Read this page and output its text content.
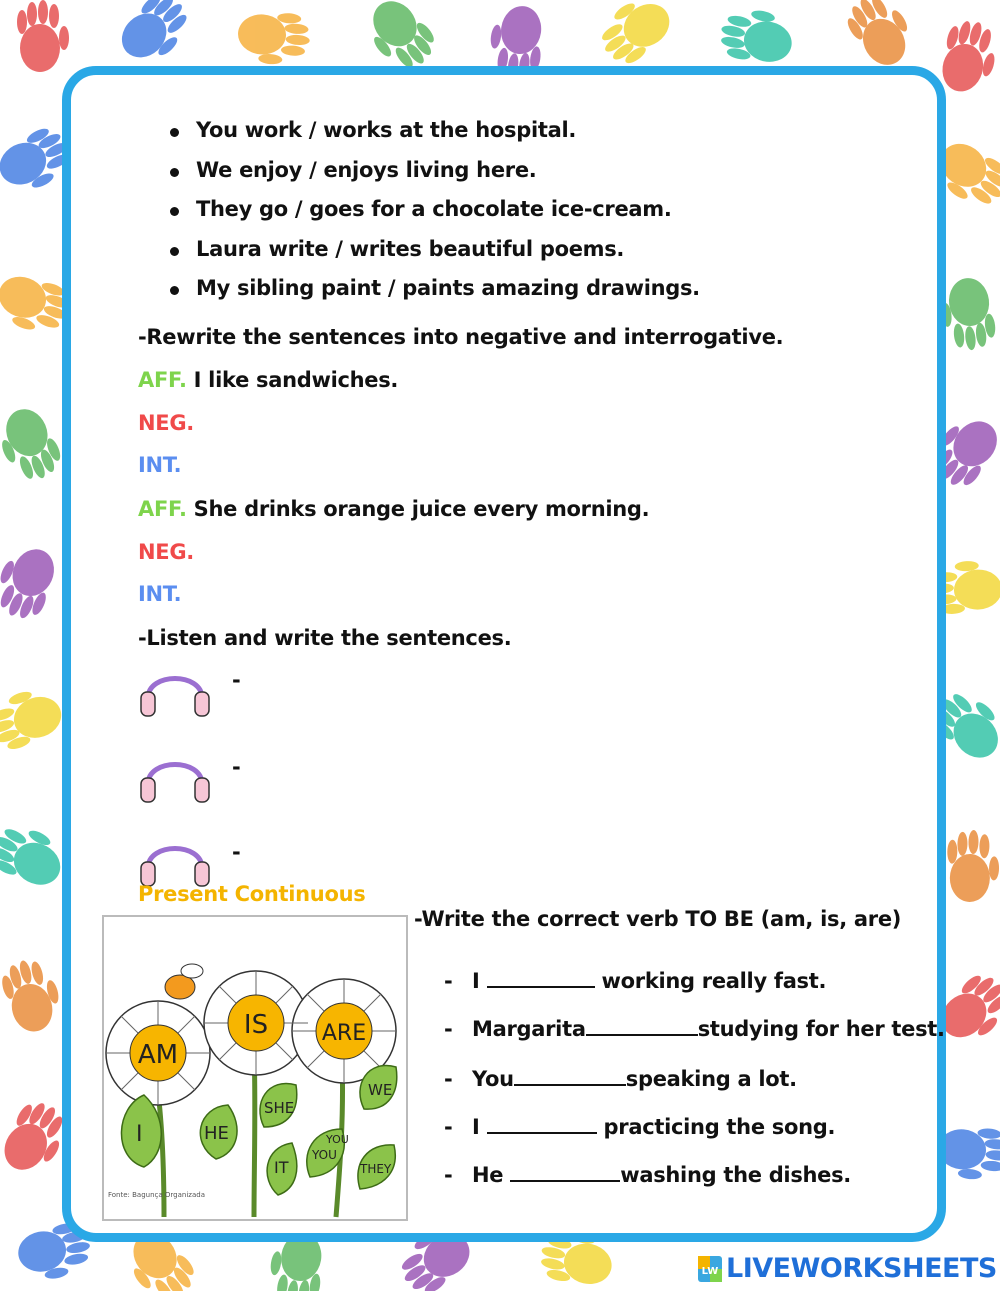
You work / works at the hospital.
We enjoy / enjoys living here.
They go / goes for a chocolate ice-cream.
Laura write / writes beautiful poems.
My sibling paint / paints amazing drawings.
-Rewrite the sentences into negative and interrogative.
AFF. I like sandwiches.
NEG.
INT.
AFF. She drinks orange juice every morning.
NEG.
INT.
-Listen and write the sentences.
-
-
-
Present Continuous
-Write the correct verb TO BE (am, is, are)
AM
IS ARE
I	HE
SHE
IT
YOU
WE
THEY
YOU
Fonte: Bagunça Organizada
- I	working really fast.
- Margarita	studying for her test.
- You	speaking a lot.
- I	practicing the song.
- He	washing the dishes.
LW LIVEWORKSHEETS
